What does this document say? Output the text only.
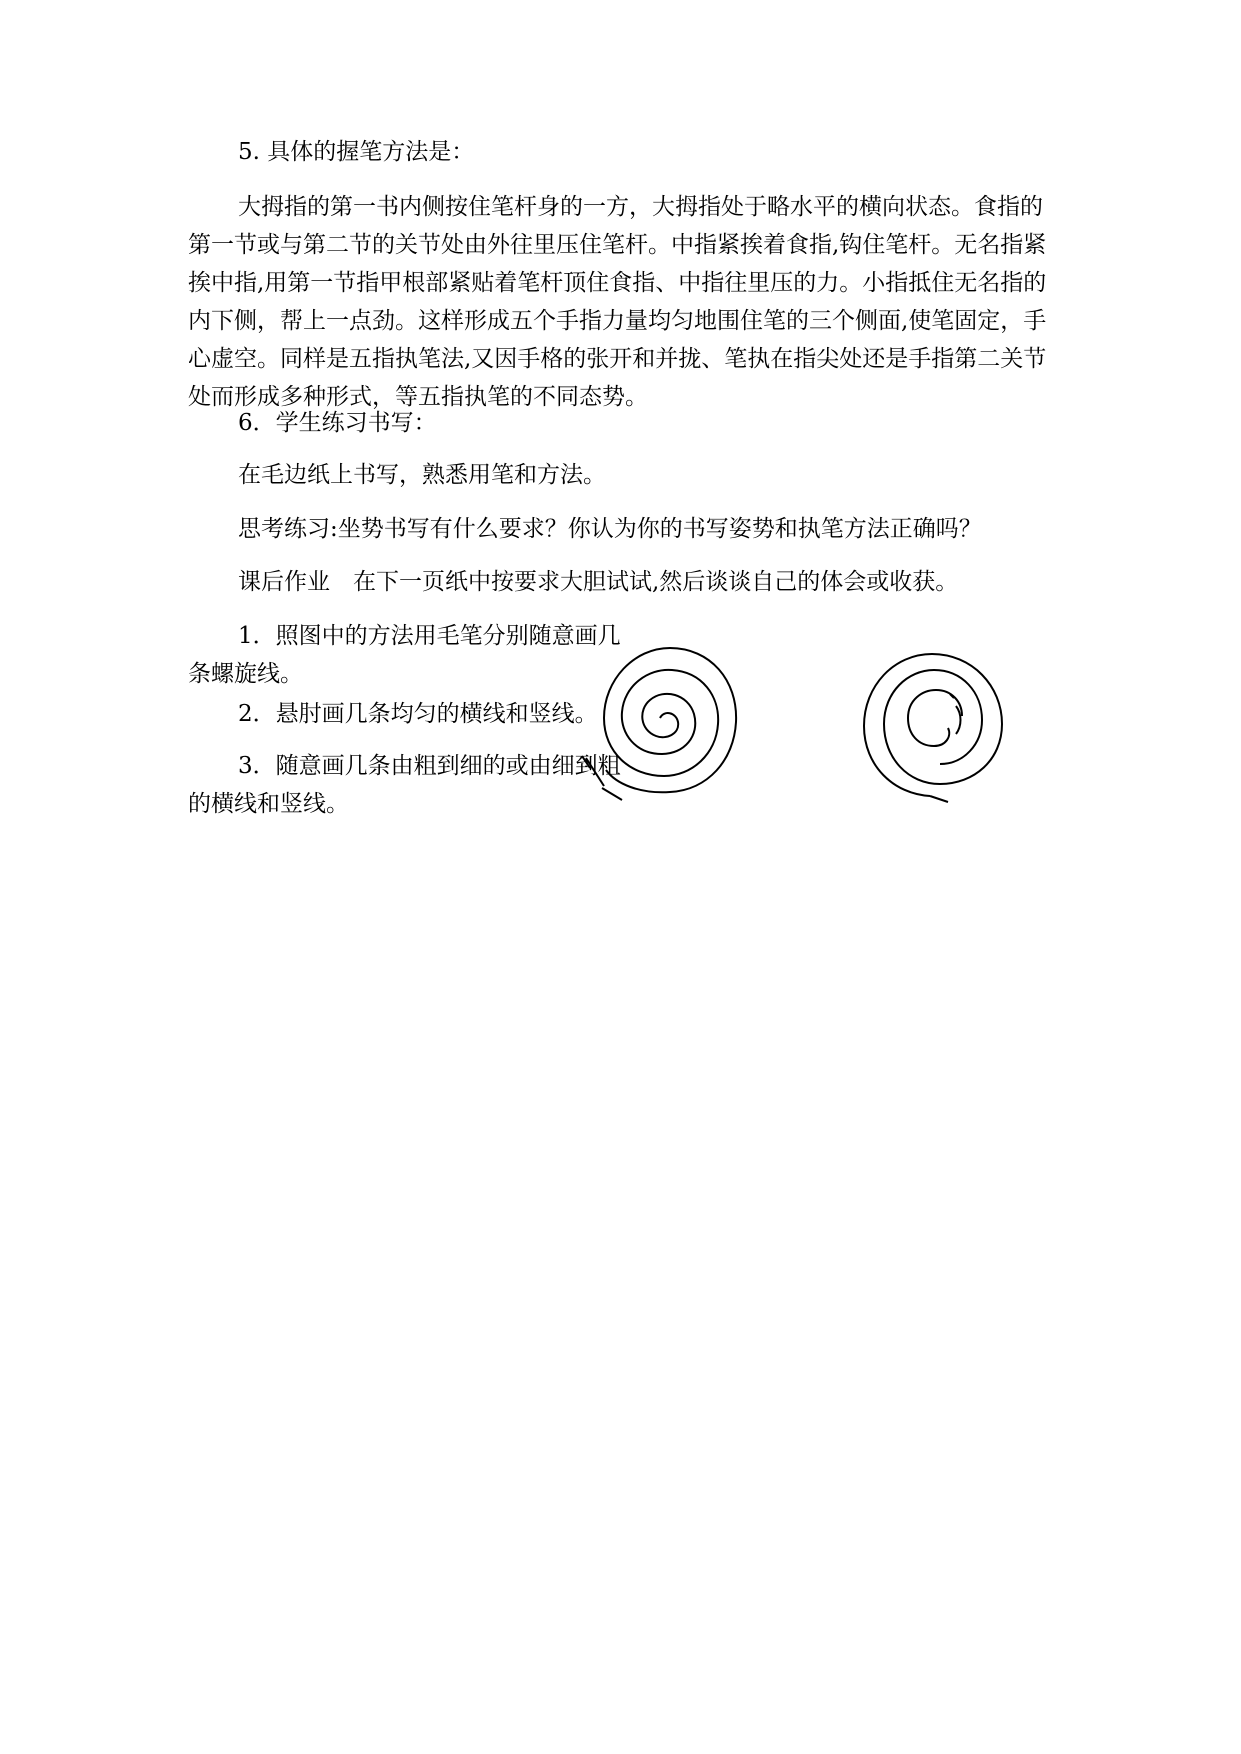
5. 具体的握笔方法是：

大拇指的第一书内侧按住笔杆身的一方，大拇指处于略水平的横向状态。食指的第一节或与第二节的关节处由外往里压住笔杆。中指紧挨着食指,钩住笔杆。无名指紧挨中指,用第一节指甲根部紧贴着笔杆顶住食指、中指往里压的力。小指抵住无名指的内下侧，帮上一点劲。这样形成五个手指力量均匀地围住笔的三个侧面,使笔固定，手心虚空。同样是五指执笔法,又因手格的张开和并拢、笔执在指尖处还是手指第二关节处而形成多种形式，等五指执笔的不同态势。

6．学生练习书写：

在毛边纸上书写，熟悉用笔和方法。

思考练习:坐势书写有什么要求？你认为你的书写姿势和执笔方法正确吗？

课后作业　在下一页纸中按要求大胆试试,然后谈谈自己的体会或收获。

1．照图中的方法用毛笔分别随意画几条螺旋线。

2．悬肘画几条均匀的横线和竖线。

3．随意画几条由粗到细的或由细到粗的横线和竖线。
